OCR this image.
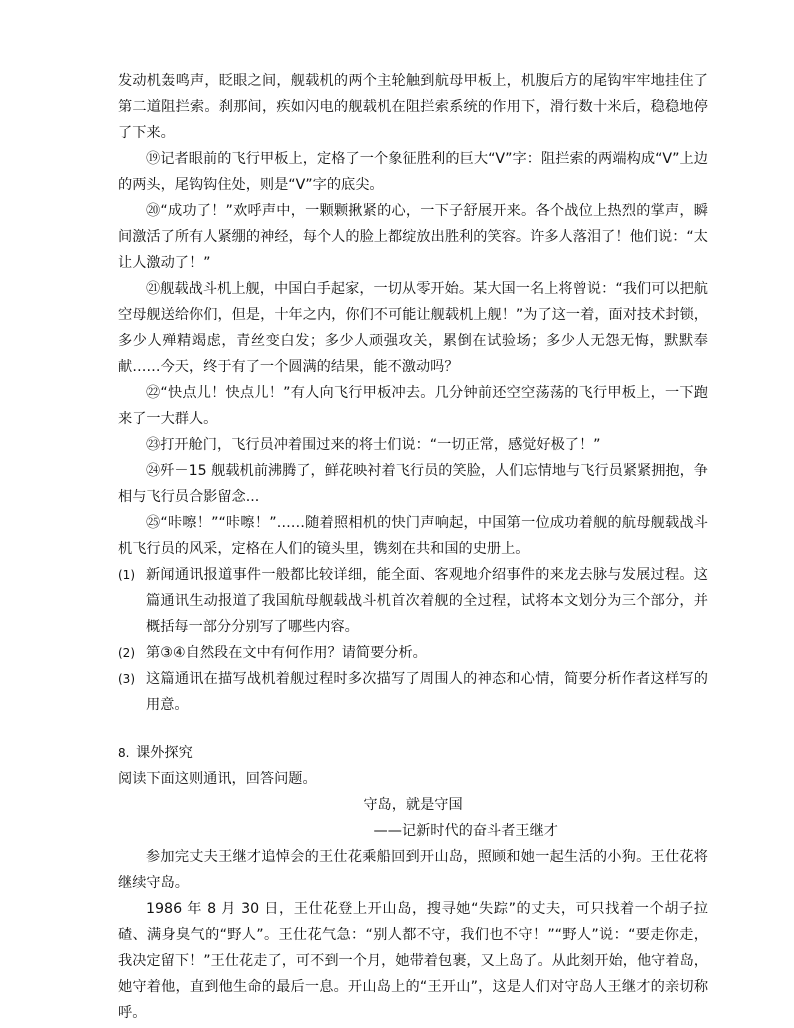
发动机轰鸣声，眨眼之间，舰载机的两个主轮触到航母甲板上，机腹后方的尾钩牢牢地挂住了第二道阻拦索。刹那间，疾如闪电的舰载机在阻拦索系统的作用下，滑行数十米后，稳稳地停了下来。

⑲记者眼前的飞行甲板上，定格了一个象征胜利的巨大“V”字：阻拦索的两端构成“V”上边的两头，尾钩钩住处，则是“V”字的底尖。

⑳“成功了！”欢呼声中，一颗颗揪紧的心，一下子舒展开来。各个战位上热烈的掌声，瞬间激活了所有人紧绷的神经，每个人的脸上都绽放出胜利的笑容。许多人落泪了！他们说：“太让人激动了！”

㉑舰载战斗机上舰，中国白手起家，一切从零开始。某大国一名上将曾说：“我们可以把航空母舰送给你们，但是，十年之内，你们不可能让舰载机上舰！”为了这一着，面对技术封锁，多少人殚精竭虑，青丝变白发；多少人顽强攻关，累倒在试验场；多少人无怨无悔，默默奉献……今天，终于有了一个圆满的结果，能不激动吗？

㉒“快点儿！快点儿！”有人向飞行甲板冲去。几分钟前还空空荡荡的飞行甲板上，一下跑来了一大群人。

㉓打开舱门，飞行员冲着围过来的将士们说：“一切正常，感觉好极了！”

㉔歼－15 舰载机前沸腾了，鲜花映衬着飞行员的笑脸，人们忘情地与飞行员紧紧拥抱，争相与飞行员合影留念...

㉕“咔嚓！”“咔嚓！”……随着照相机的快门声响起，中国第一位成功着舰的航母舰载战斗机飞行员的风采，定格在人们的镜头里，镌刻在共和国的史册上。

(1) 新闻通讯报道事件一般都比较详细，能全面、客观地介绍事件的来龙去脉与发展过程。这篇通讯生动报道了我国航母舰载战斗机首次着舰的全过程，试将本文划分为三个部分，并概括每一部分分别写了哪些内容。

(2) 第③④自然段在文中有何作用？请简要分析。

(3) 这篇通讯在描写战机着舰过程时多次描写了周围人的神态和心情，简要分析作者这样写的用意。

8. 课外探究

阅读下面这则通讯，回答问题。

守岛，就是守国

——记新时代的奋斗者王继才

参加完丈夫王继才追悼会的王仕花乘船回到开山岛，照顾和她一起生活的小狗。王仕花将继续守岛。

1986 年 8 月 30 日，王仕花登上开山岛，搜寻她“失踪”的丈夫，可只找着一个胡子拉碴、满身臭气的“野人”。王仕花气急：“别人都不守，我们也不守！”“野人”说：“要走你走，我决定留下！”王仕花走了，可不到一个月，她带着包裹，又上岛了。从此刻开始，他守着岛，她守着他，直到他生命的最后一息。开山岛上的“王开山”，这是人们对守岛人王继才的亲切称呼。
